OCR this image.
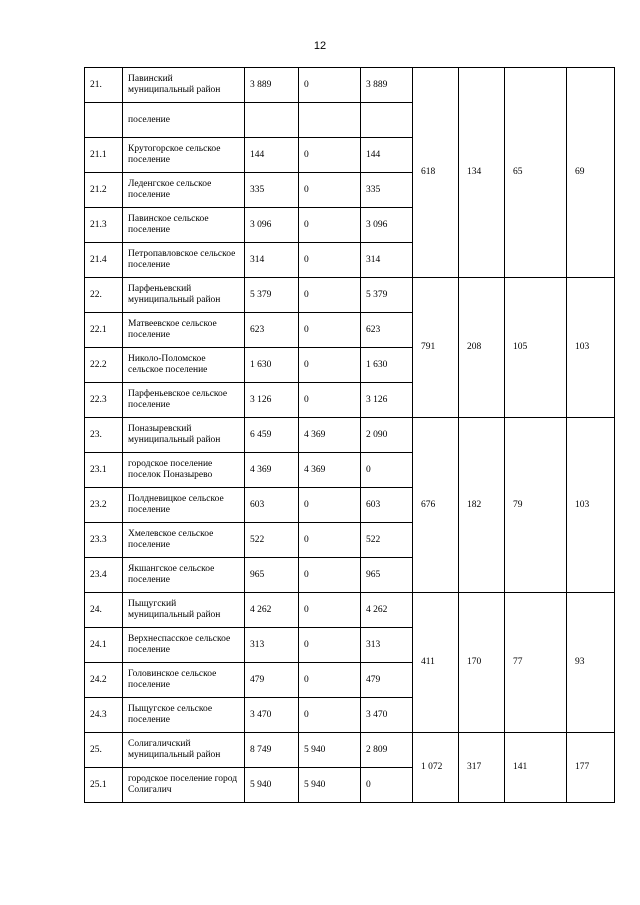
12
21.	Павинский муниципальный район	3 889	0	3 889	618	134	65	69
	поселение							
21.1	Крутогорское сельское поселение	144	0	144				
21.2	Леденгское сельское поселение	335	0	335				
21.3	Павинское сельское поселение	3 096	0	3 096				
21.4	Петропавловское сельское поселение	314	0	314				
22.	Парфеньевский муниципальный район	5 379	0	5 379	791	208	105	103
22.1	Матвеевское сельское поселение	623	0	623				
22.2	Николо-Поломское сельское поселение	1 630	0	1 630				
22.3	Парфеньевское сельское поселение	3 126	0	3 126				
23.	Поназыревский муниципальный район	6 459	4 369	2 090	676	182	79	103
23.1	городское поселение поселок Поназырево	4 369	4 369	0				
23.2	Полдневицкое сельское поселение	603	0	603				
23.3	Хмелевское сельское поселение	522	0	522				
23.4	Якшангское сельское поселение	965	0	965				
24.	Пыщугский муниципальный район	4 262	0	4 262	411	170	77	93
24.1	Верхнеспасское сельское поселение	313	0	313				
24.2	Головинское сельское поселение	479	0	479				
24.3	Пыщугское сельское поселение	3 470	0	3 470				
25.	Солигаличский муниципальный район	8 749	5 940	2 809	1 072	317	141	177
25.1	городское поселение город Солигалич	5 940	5 940	0				
